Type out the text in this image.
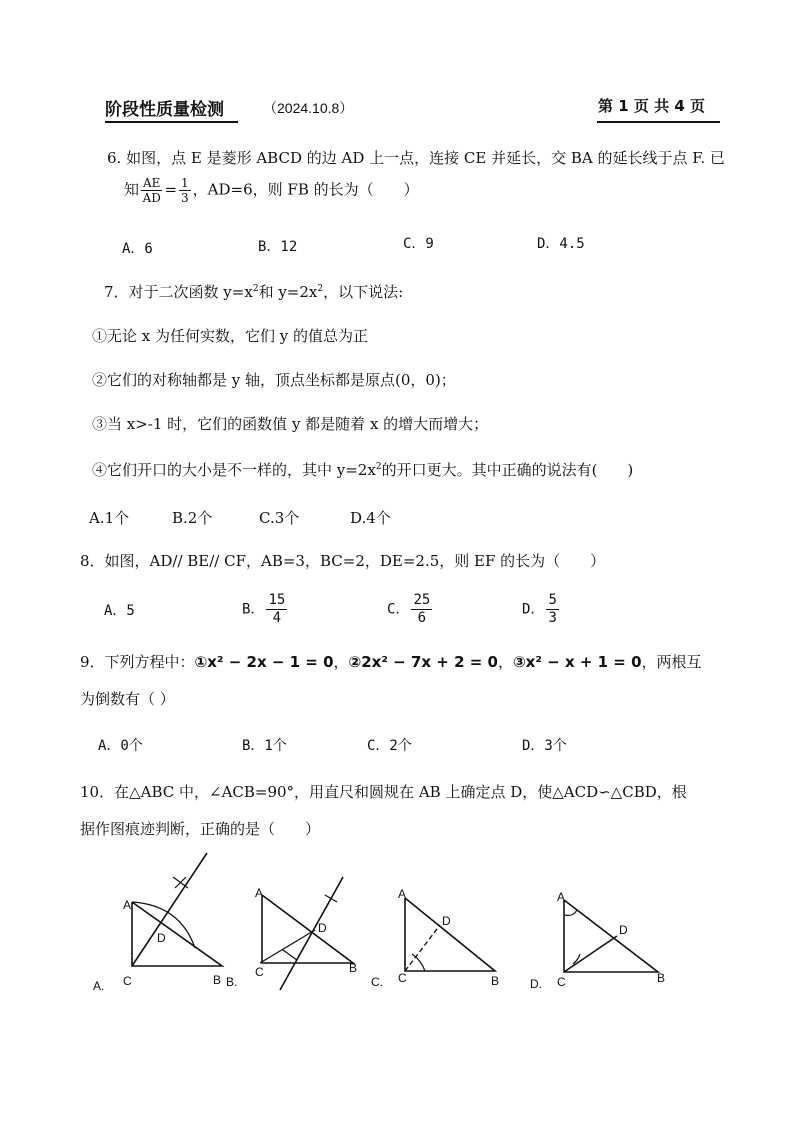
阶段性质量检测	（2024.10.8）	第 1 页 共 4 页
6. 如图，点 E 是菱形 ABCD 的边 AD 上一点，连接 CE 并延长，交 BA 的延长线于点 F. 已
知 $\frac{AE}{AD} = \frac{1}{3}$ ，AD=6，则 FB 的长为（　　）
A．6	B．12	C．9	D．4.5
7．对于二次函数 $y=x^2$和 $y=2x^2$，以下说法:
①无论 x 为任何实数，它们 y 的值总为正
②它们的对称轴都是 y 轴，顶点坐标都是原点(0，0)；
③当 x>-1 时，它们的函数值 y 都是随着 x 的增大而增大；
④它们开口的大小是不一样的，其中 $y=2x^2$的开口更大。其中正确的说法有(　　)
A.1个	B.2个	C.3个	D.4个
8．如图，AD// BE// CF，AB=3，BC=2，DE=2.5，则 EF 的长为（　　）
A．5	B． $\frac{15}{4}$	C． $\frac{25}{6}$	D． $\frac{5}{3}$
9．下列方程中：①x² − 2x − 1 = 0，②2x² − 7x + 2 = 0，③x² − x + 1 = 0，两根互
为倒数有（ ）
A．0个	B．1个	C．2个	D．3个
10．在△ABC 中，∠ACB=90°，用直尺和圆规在 AB 上确定点 D，使△ACD∽△CBD，根
据作图痕迹判断，正确的是（　　）
A
D
C	B
A
D
C	B
A
D
C	B
A
D
C	B
A.	B.	C.	D.
